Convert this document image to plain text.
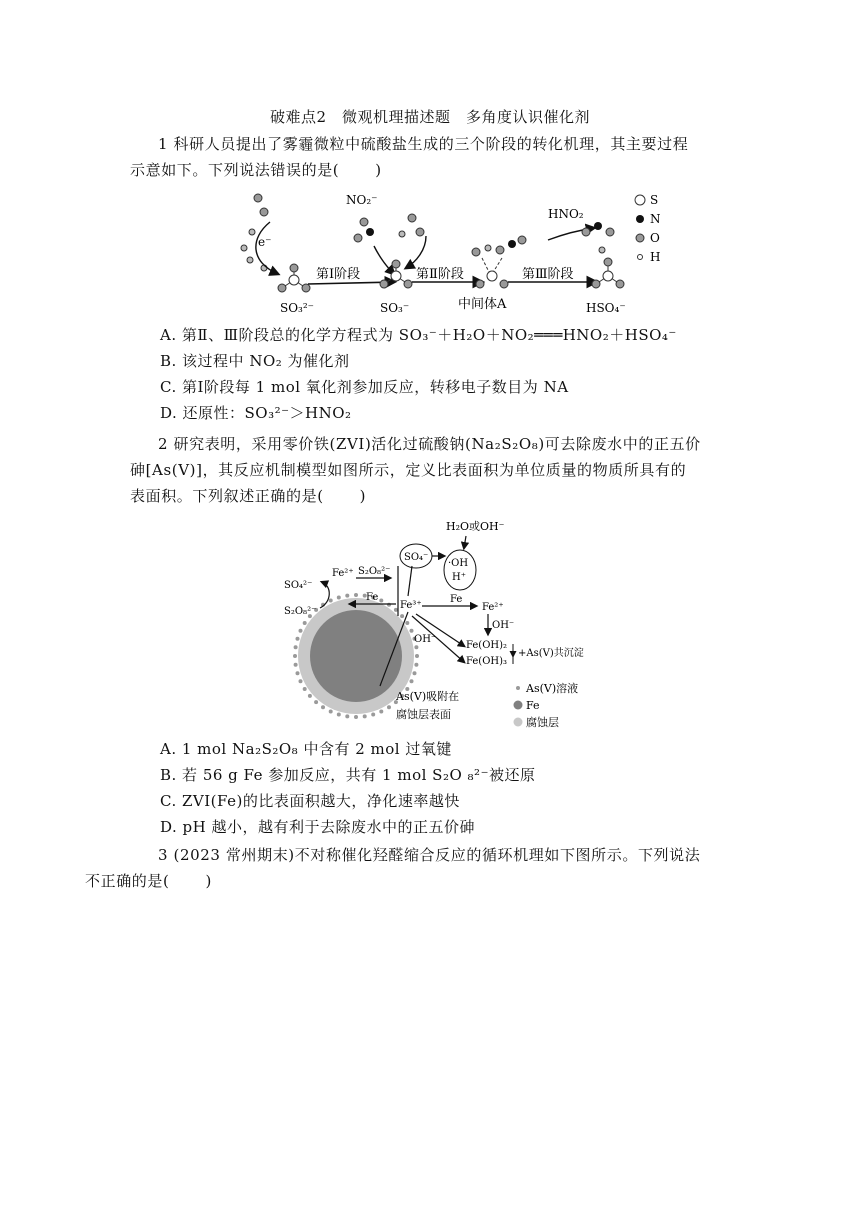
破难点2　微观机理描述题　多角度认识催化剂
1 科研人员提出了雾霾微粒中硫酸盐生成的三个阶段的转化机理，其主要过程
示意如下。下列说法错误的是( )
第Ⅰ阶段	第Ⅱ阶段	第Ⅲ阶段
e⁻
NO₂⁻
HNO₂
SO₃²⁻	SO₃⁻	中间体A	HSO₄⁻
S
N
O
H
A. 第Ⅱ、Ⅲ阶段总的化学方程式为 SO₃⁻＋H₂O＋NO₂═══HNO₂＋HSO₄⁻
B. 该过程中 NO₂ 为催化剂
C. 第Ⅰ阶段每 1 mol 氧化剂参加反应，转移电子数目为 NA
D. 还原性：SO₃²⁻＞HNO₂
2 研究表明，采用零价铁(ZVI)活化过硫酸钠(Na₂S₂O₈)可去除废水中的正五价
砷[As(Ⅴ)]，其反应机制模型如图所示，定义比表面积为单位质量的物质所具有的
表面积。下列叙述正确的是( )
H₂O或OH⁻
SO₄⁻
·OH
H⁺
SO₄²⁻
S₂O₈²⁻
Fe²⁺ S₂O₈²⁻
Fe
Fe³⁺
Fe
Fe²⁺
OH⁻
Fe(OH)₂
Fe(OH)₃
+As(Ⅴ)共沉淀
OH⁻
As(Ⅴ)吸附在
腐蚀层表面
As(Ⅴ)溶液
Fe
腐蚀层
A. 1 mol Na₂S₂O₈ 中含有 2 mol 过氧键
B. 若 56 g Fe 参加反应，共有 1 mol S₂O ₈²⁻被还原
C. ZVI(Fe)的比表面积越大，净化速率越快
D. pH 越小，越有利于去除废水中的正五价砷
3 (2023 常州期末)不对称催化羟醛缩合反应的循环机理如下图所示。下列说法
不正确的是( )
